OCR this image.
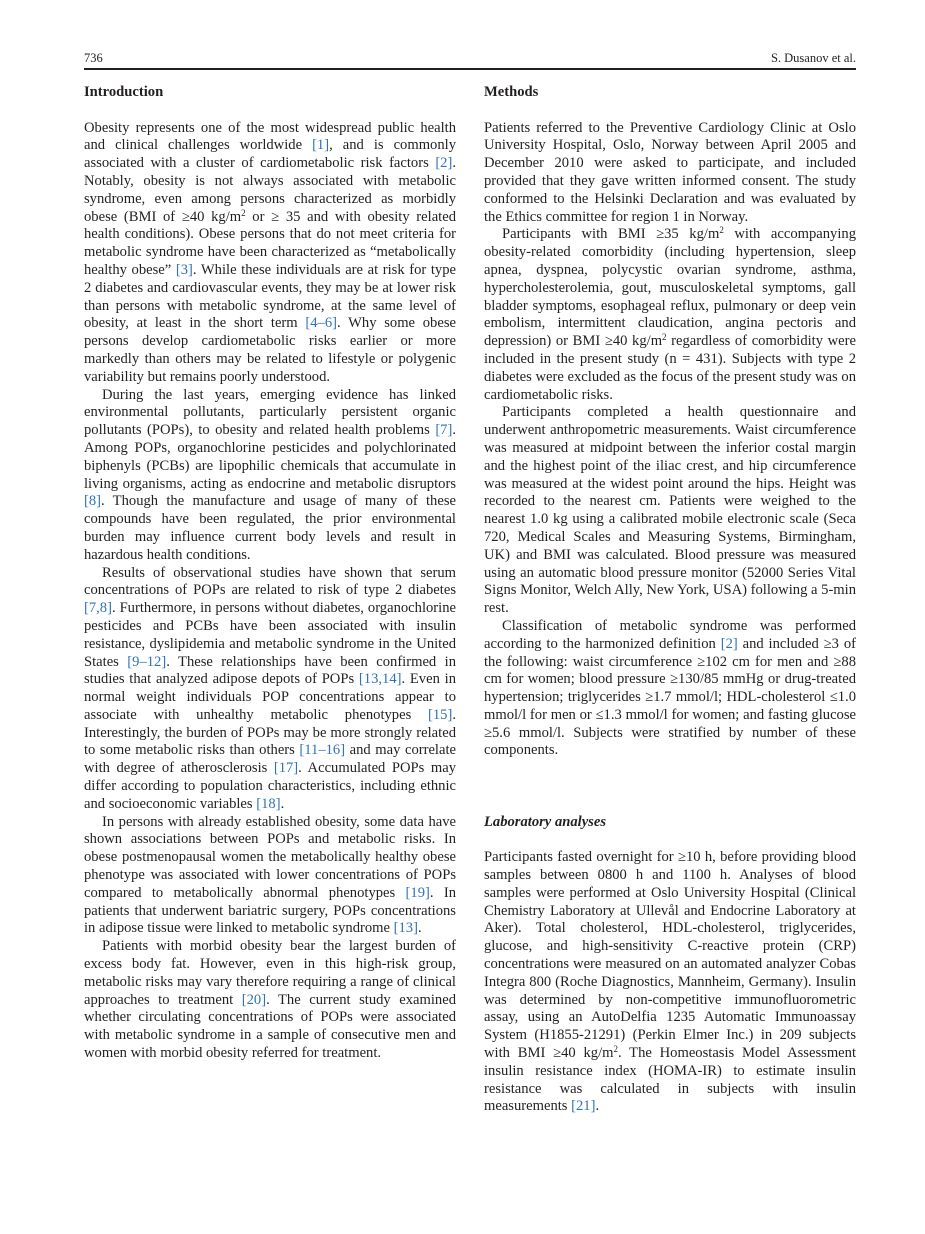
736	S. Dusanov et al.
Introduction

Obesity represents one of the most widespread public health and clinical challenges worldwide [1], and is commonly associated with a cluster of cardiometabolic risk factors [2]. Notably, obesity is not always associated with metabolic syndrome, even among persons characterized as morbidly obese (BMI of ≥40 $kg/m^2$ or ≥ 35 and with obesity related health conditions). Obese persons that do not meet criteria for metabolic syndrome have been characterized as “metabolically healthy obese” [3]. While these individuals are at risk for type 2 diabetes and cardiovascular events, they may be at lower risk than persons with metabolic syndrome, at the same level of obesity, at least in the short term [4–6]. Why some obese persons develop cardiometabolic risks earlier or more markedly than others may be related to lifestyle or polygenic variability but remains poorly understood.

During the last years, emerging evidence has linked environmental pollutants, particularly persistent organic pollutants (POPs), to obesity and related health problems [7]. Among POPs, organochlorine pesticides and polychlorinated biphenyls (PCBs) are lipophilic chemicals that accumulate in living organisms, acting as endocrine and metabolic disruptors [8]. Though the manufacture and usage of many of these compounds have been regulated, the prior environmental burden may influence current body levels and result in hazardous health conditions.

Results of observational studies have shown that serum concentrations of POPs are related to risk of type 2 diabetes [7,8]. Furthermore, in persons without diabetes, organochlorine pesticides and PCBs have been associated with insulin resistance, dyslipidemia and metabolic syndrome in the United States [9–12]. These relationships have been confirmed in studies that analyzed adipose depots of POPs [13,14]. Even in normal weight individuals POP concentrations appear to associate with unhealthy metabolic phenotypes [15]. Interestingly, the burden of POPs may be more strongly related to some metabolic risks than others [11–16] and may correlate with degree of atherosclerosis [17]. Accumulated POPs may differ according to population characteristics, including ethnic and socioeconomic variables [18].

In persons with already established obesity, some data have shown associations between POPs and metabolic risks. In obese postmenopausal women the metabolically healthy obese phenotype was associated with lower concentrations of POPs compared to metabolically abnormal phenotypes [19]. In patients that underwent bariatric surgery, POPs concentrations in adipose tissue were linked to metabolic syndrome [13].

Patients with morbid obesity bear the largest burden of excess body fat. However, even in this high-risk group, metabolic risks may vary therefore requiring a range of clinical approaches to treatment [20]. The current study examined whether circulating concentrations of POPs were associated with metabolic syndrome in a sample of consecutive men and women with morbid obesity referred for treatment.

Methods

Patients referred to the Preventive Cardiology Clinic at Oslo University Hospital, Oslo, Norway between April 2005 and December 2010 were asked to participate, and included provided that they gave written informed consent. The study conformed to the Helsinki Declaration and was evaluated by the Ethics committee for region 1 in Norway.

Participants with BMI ≥35 $kg/m^2$ with accompanying obesity-related comorbidity (including hypertension, sleep apnea, dyspnea, polycystic ovarian syndrome, asthma, hypercholesterolemia, gout, musculoskeletal symptoms, gall bladder symptoms, esophageal reflux, pulmonary or deep vein embolism, intermittent claudication, angina pectoris and depression) or BMI ≥40 $kg/m^2$ regardless of comorbidity were included in the present study (n = 431). Subjects with type 2 diabetes were excluded as the focus of the present study was on cardiometabolic risks.

Participants completed a health questionnaire and underwent anthropometric measurements. Waist circumference was measured at midpoint between the inferior costal margin and the highest point of the iliac crest, and hip circumference was measured at the widest point around the hips. Height was recorded to the nearest cm. Patients were weighed to the nearest 1.0 kg using a calibrated mobile electronic scale (Seca 720, Medical Scales and Measuring Systems, Birmingham, UK) and BMI was calculated. Blood pressure was measured using an automatic blood pressure monitor (52000 Series Vital Signs Monitor, Welch Ally, New York, USA) following a 5-min rest.

Classification of metabolic syndrome was performed according to the harmonized definition [2] and included ≥3 of the following: waist circumference ≥102 cm for men and ≥88 cm for women; blood pressure ≥130/85 mmHg or drug-treated hypertension; triglycerides ≥1.7 mmol/l; HDL-cholesterol ≤1.0 mmol/l for men or ≤1.3 mmol/l for women; and fasting glucose ≥5.6 mmol/l. Subjects were stratified by number of these components.

Laboratory analyses

Participants fasted overnight for ≥10 h, before providing blood samples between 0800 h and 1100 h. Analyses of blood samples were performed at Oslo University Hospital (Clinical Chemistry Laboratory at Ullevål and Endocrine Laboratory at Aker). Total cholesterol, HDL-cholesterol, triglycerides, glucose, and high-sensitivity C-reactive protein (CRP) concentrations were measured on an automated analyzer Cobas Integra 800 (Roche Diagnostics, Mannheim, Germany). Insulin was determined by non-competitive immunofluorometric assay, using an AutoDelfia 1235 Automatic Immunoassay System (H1855-21291) (Perkin Elmer Inc.) in 209 subjects with BMI ≥40 $kg/m^2$. The Homeostasis Model Assessment insulin resistance index (HOMA-IR) to estimate insulin resistance was calculated in subjects with insulin measurements [21].
